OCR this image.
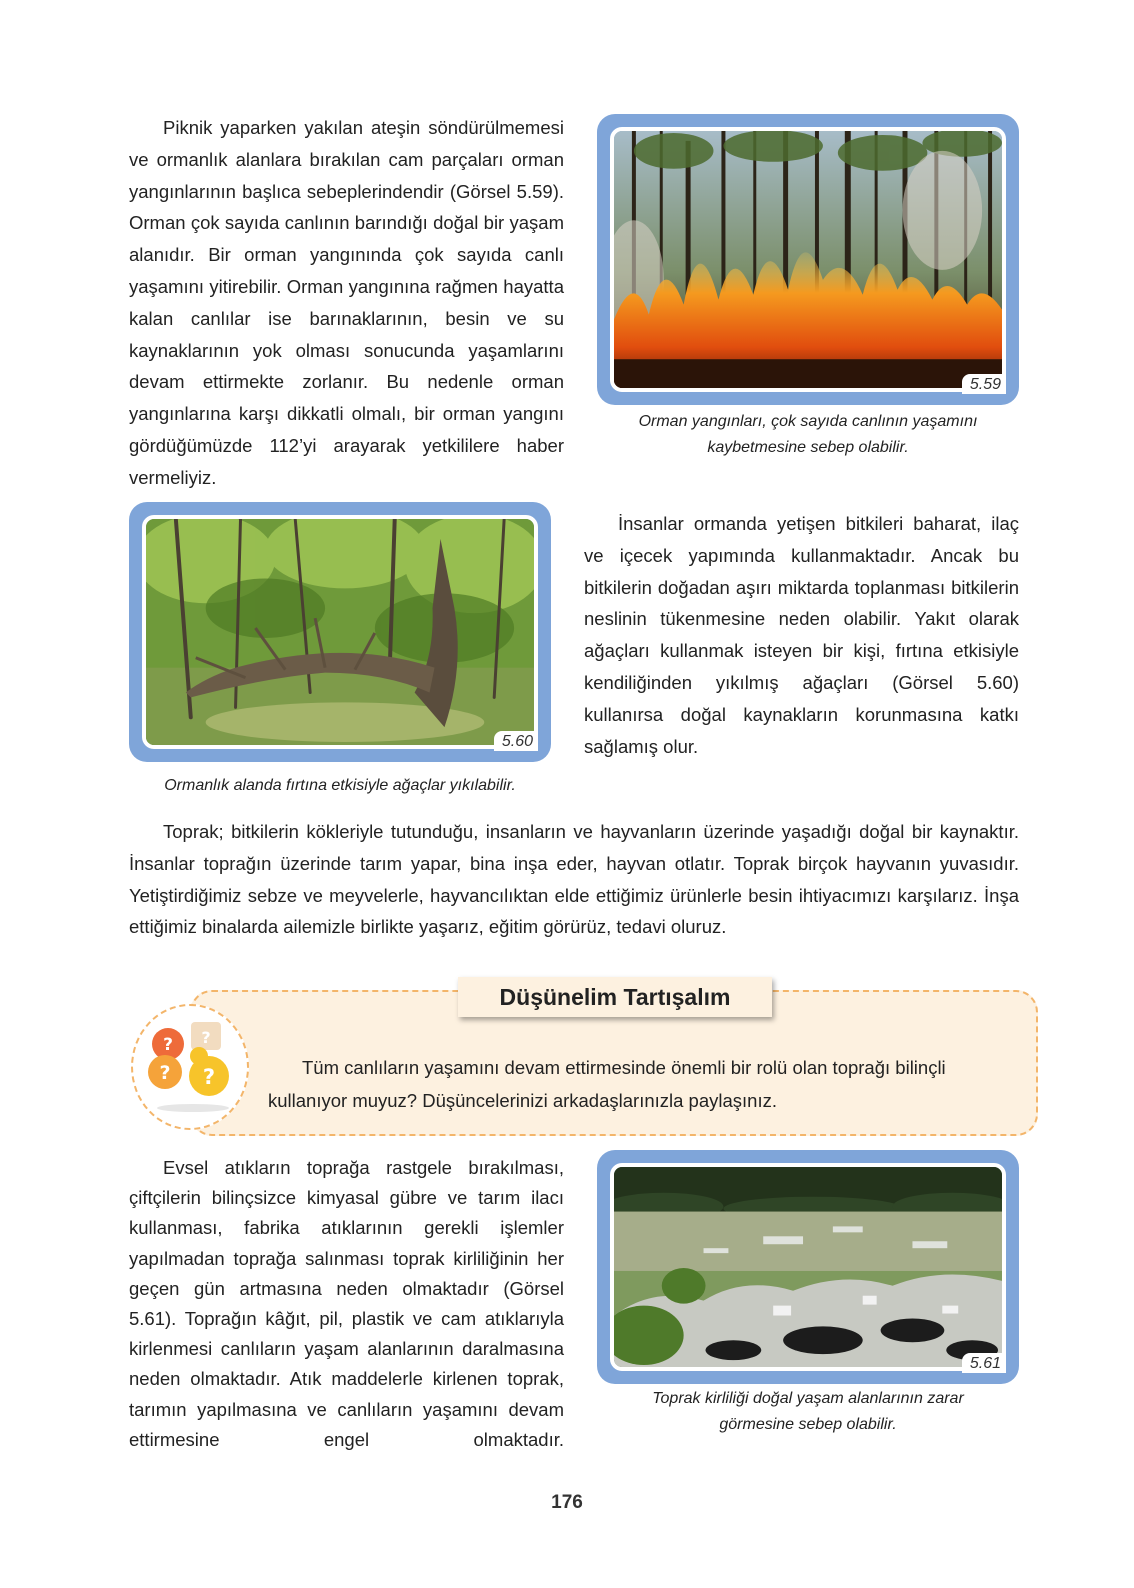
Piknik yaparken yakılan ateşin söndürülmemesi ve ormanlık alanlara bırakılan cam parçaları orman yangınlarının başlıca sebeplerindendir (Görsel 5.59). Orman çok sayıda canlının barındığı doğal bir yaşam alanıdır. Bir orman yangınında çok sayıda canlı yaşamını yitirebilir. Orman yangınına rağmen hayatta kalan canlılar ise barınaklarının, besin ve su kaynaklarının yok olması sonucunda yaşamlarını devam ettirmekte zorlanır. Bu nedenle orman yangınlarına karşı dikkatli olmalı, bir orman yangını gördüğümüzde 112’yi arayarak yetkililere haber vermeliyiz.

5.59
Orman yangınları, çok sayıda canlının yaşamını kaybetmesine sebep olabilir.
5.60
Ormanlık alanda fırtına etkisiyle ağaçlar yıkılabilir.

İnsanlar ormanda yetişen bitkileri baharat, ilaç ve içecek yapımında kullanmaktadır. Ancak bu bitkilerin doğadan aşırı miktarda toplanması bitkilerin neslinin tükenmesine neden olabilir. Yakıt olarak ağaçları kullanmak isteyen bir kişi, fırtına etkisiyle kendiliğinden yıkılmış ağaçları (Görsel 5.60) kullanırsa doğal kaynakların korunmasına katkı sağlamış olur.

Toprak; bitkilerin kökleriyle tutunduğu, insanların ve hayvanların üzerinde yaşadığı doğal bir kaynaktır. İnsanlar toprağın üzerinde tarım yapar, bina inşa eder, hayvan otlatır. Toprak birçok hayvanın yuvasıdır. Yetiştirdiğimiz sebze ve meyvelerle, hayvancılıktan elde ettiğimiz ürünlerle besin ihtiyacımızı karşılarız. İnşa ettiğimiz binalarda ailemizle birlikte yaşarız, eğitim görürüz, tedavi oluruz.

?
? ?
?
Düşünelim Tartışalım

Tüm canlıların yaşamını devam ettirmesinde önemli bir rolü olan toprağı bilinçli kullanıyor muyuz? Düşüncelerinizi arkadaşlarınızla paylaşınız.

Evsel atıkların toprağa rastgele bırakılması, çiftçilerin bilinçsizce kimyasal gübre ve tarım ilacı kullanması, fabrika atıklarının gerekli işlemler yapılmadan toprağa salınması toprak kirliliğinin her geçen gün artmasına neden olmaktadır (Görsel 5.61). Toprağın kâğıt, pil, plastik ve cam atıklarıyla kirlenmesi canlıların yaşam alanlarının daralmasına neden olmaktadır. Atık maddelerle kirlenen toprak, tarımın yapılmasına ve canlıların yaşamını devam ettirmesine engel olmaktadır.

5.61
Toprak kirliliği doğal yaşam alanlarının zarar görmesine sebep olabilir.
176
